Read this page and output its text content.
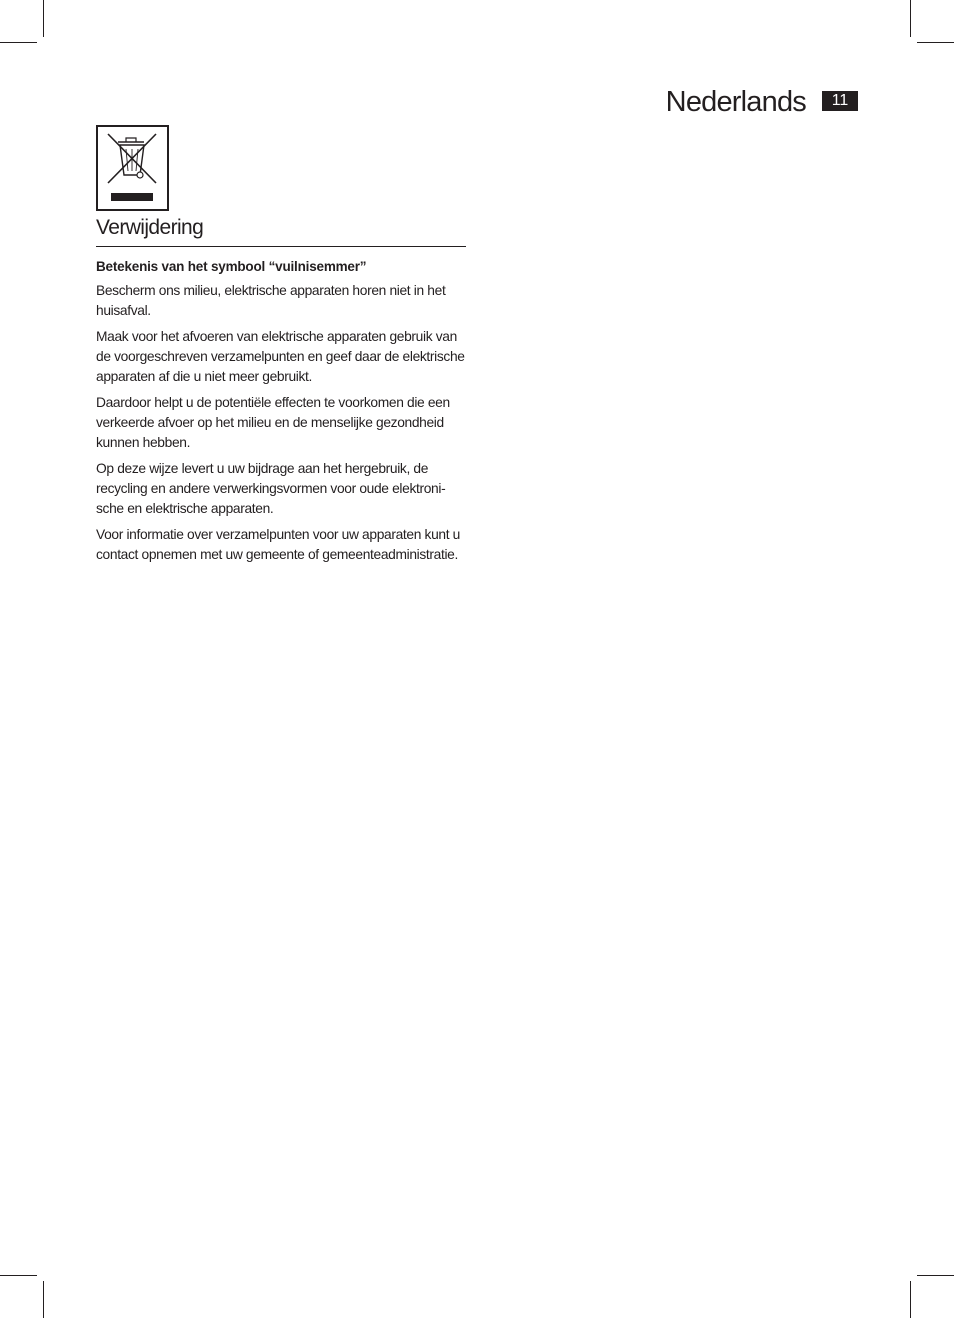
Nederlands	11
Verwijdering

Betekenis van het symbool “vuilnisemmer”

Bescherm ons milieu, elektrische apparaten horen niet in het huisafval.

Maak voor het afvoeren van elektrische apparaten gebruik van de voorgeschreven verzamelpunten en geef daar de elektrische apparaten af die u niet meer gebruikt.

Daardoor helpt u de potentiële effecten te voorkomen die een verkeerde afvoer op het milieu en de menselijke gezondheid kunnen hebben.

Op deze wijze levert u uw bijdrage aan het hergebruik, de recycling en andere verwerkingsvormen voor oude elektronische en elektrische apparaten.

Voor informatie over verzamelpunten voor uw apparaten kunt u contact opnemen met uw gemeente of gemeenteadministratie.
